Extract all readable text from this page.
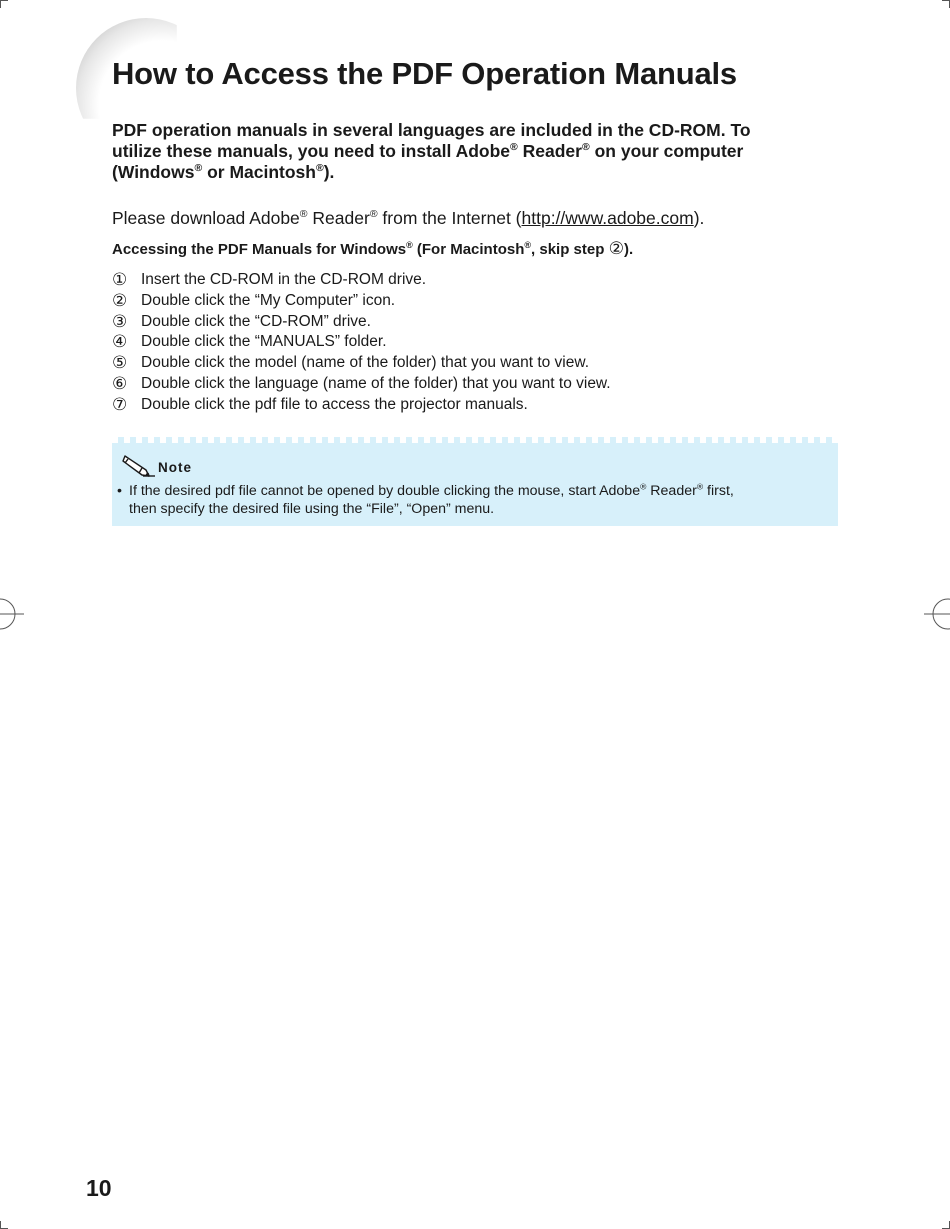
How to Access the PDF Operation Manuals

PDF operation manuals in several languages are included in the CD-ROM. To
utilize these manuals, you need to install Adobe® Reader® on your computer
(Windows® or Macintosh®).

Please download Adobe® Reader® from the Internet (http://www.adobe.com).

Accessing the PDF Manuals for Windows® (For Macintosh®, skip step ②).

① Insert the CD-ROM in the CD-ROM drive.
② Double click the “My Computer” icon.
③ Double click the “CD-ROM” drive.
④ Double click the “MANUALS” folder.
⑤ Double click the model (name of the folder) that you want to view.
⑥ Double click the language (name of the folder) that you want to view.
⑦ Double click the pdf file to access the projector manuals.
Note

• If the desired pdf file cannot be opened by double clicking the mouse, start Adobe® Reader® first,
then specify the desired file using the “File”, “Open” menu.

10
